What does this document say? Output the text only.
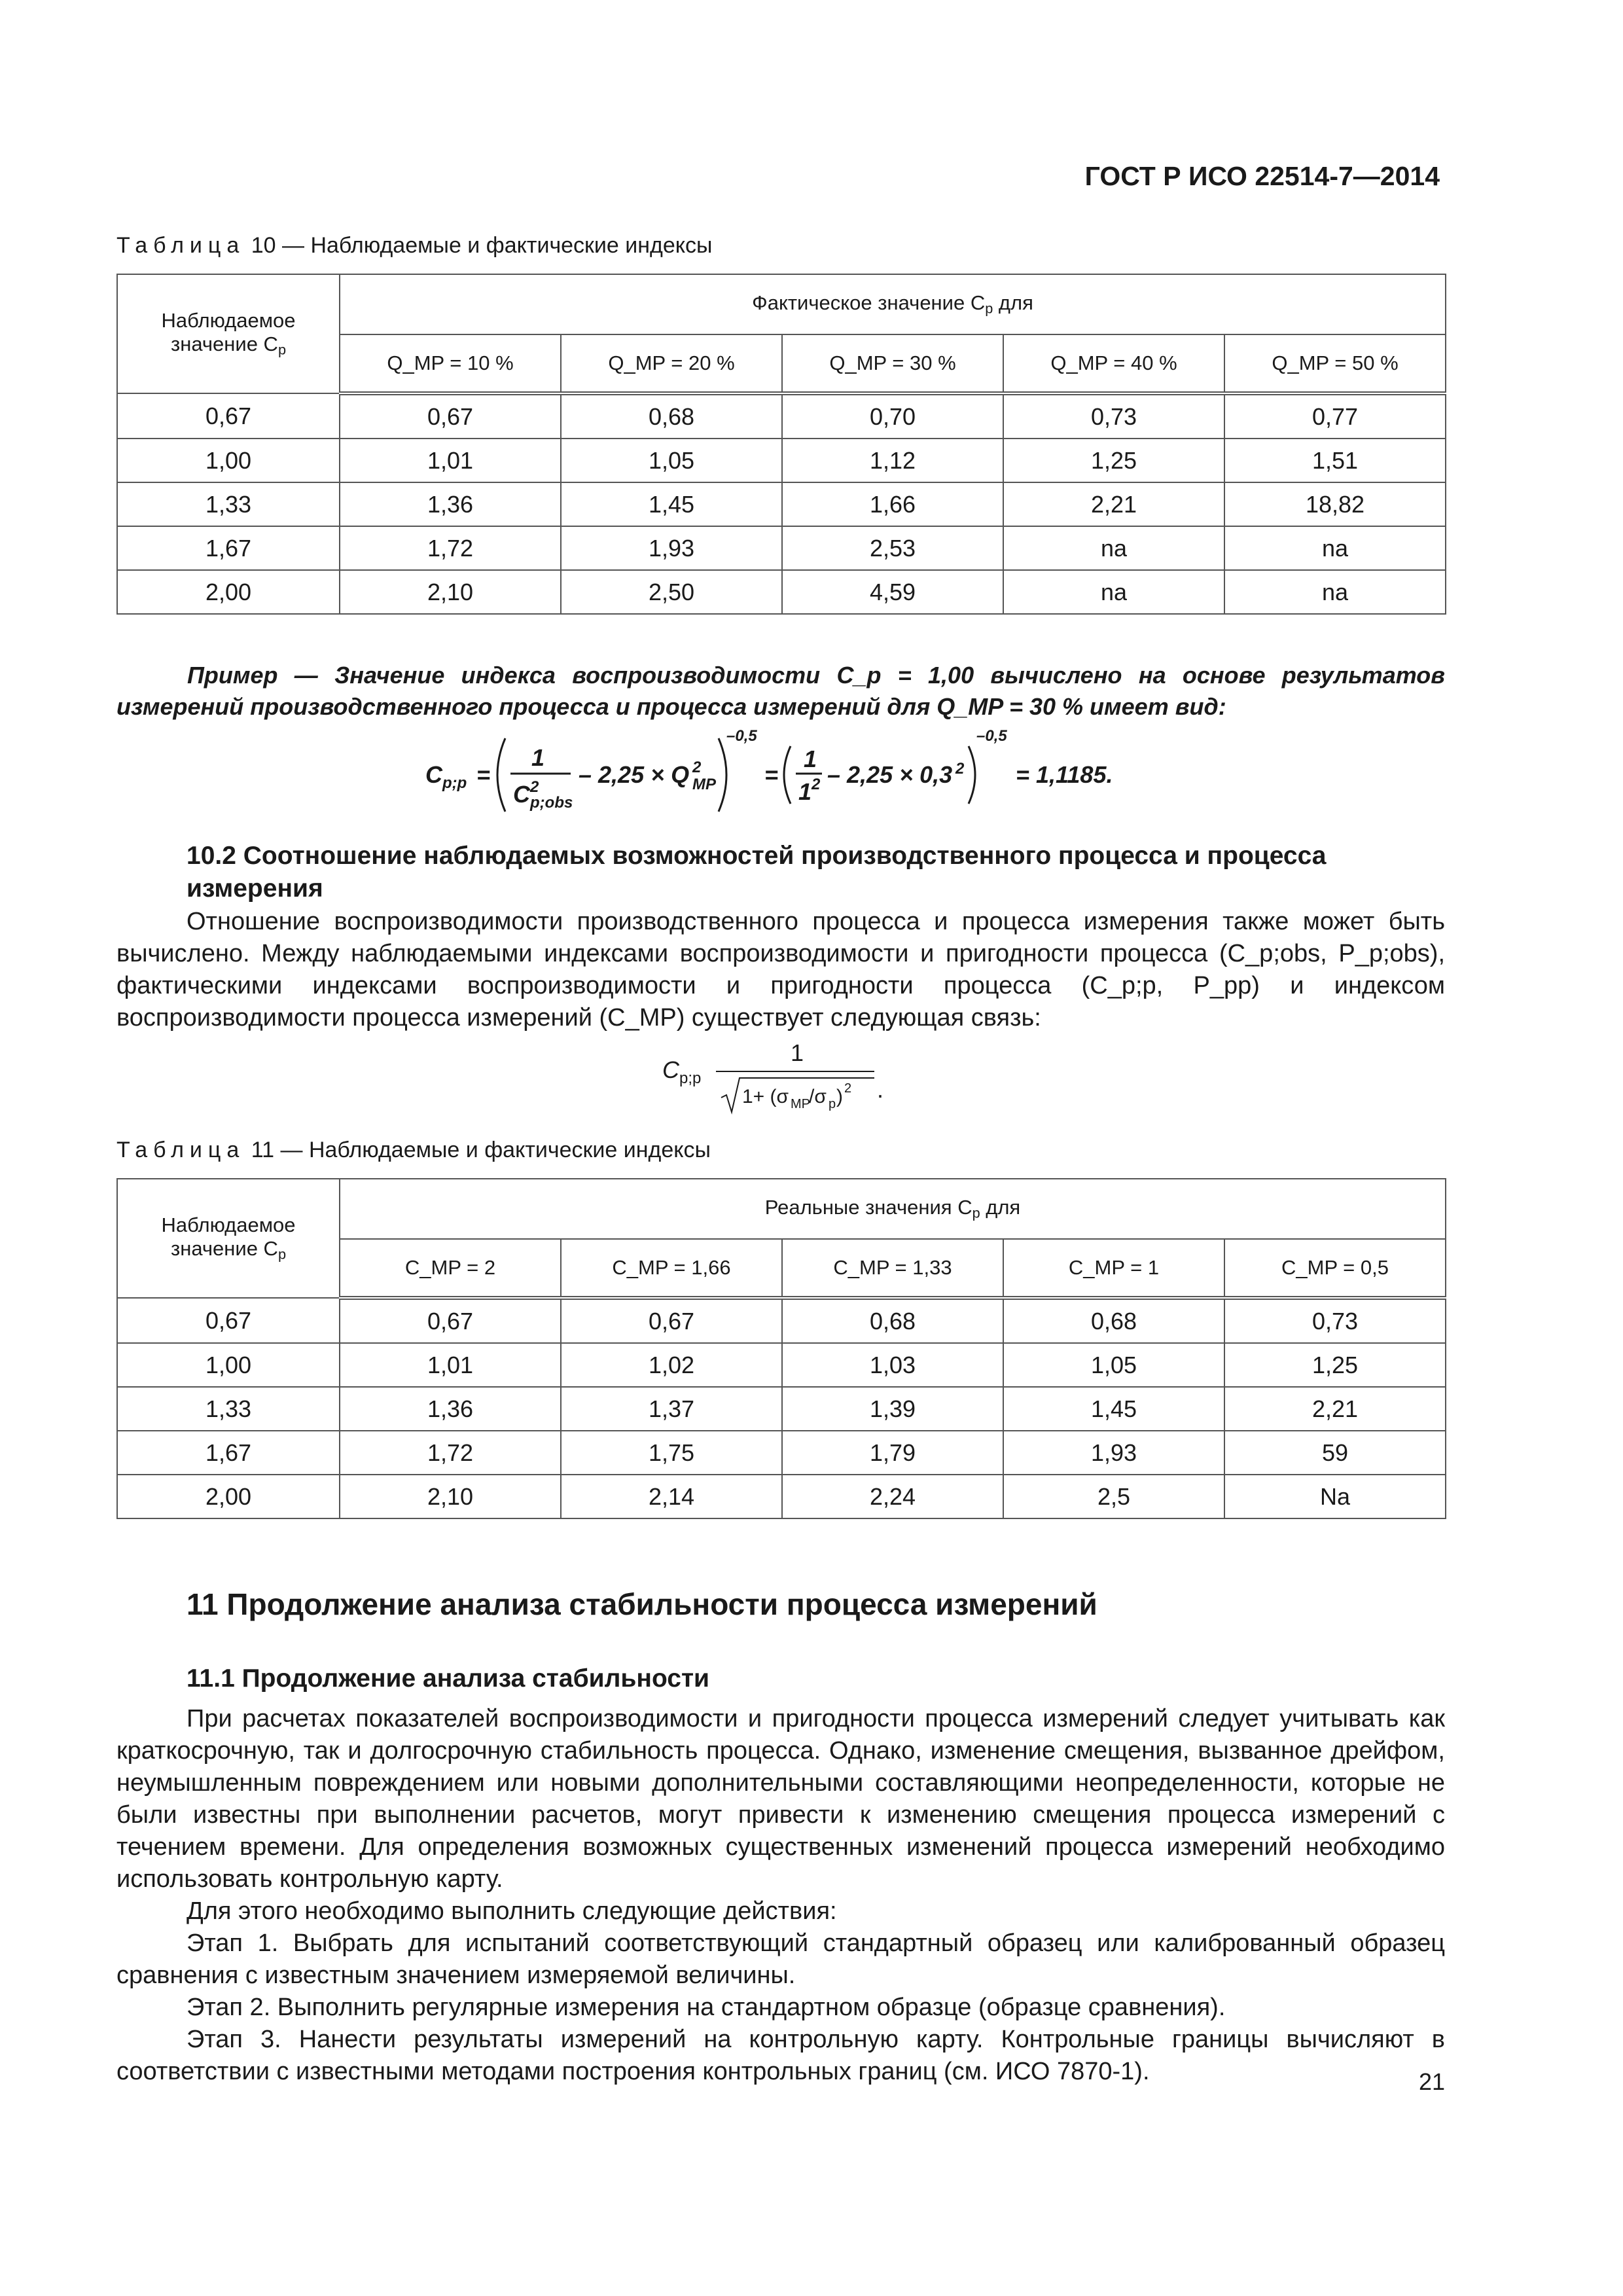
ГОСТ Р ИСО 22514-7—2014
Таблица 10 — Наблюдаемые и фактические индексы
Наблюдаемое значение $C_p$	Фактическое значение $C_p$ для				
	Q_MP = 10 %	Q_MP = 20 %	Q_MP = 30 %	Q_MP = 40 %	Q_MP = 50 %
0,67	0,67	0,68	0,70	0,73	0,77
1,00	1,01	1,05	1,12	1,25	1,51
1,33	1,36	1,45	1,66	2,21	18,82
1,67	1,72	1,93	2,53	na	na
2,00	2,10	2,50	4,59	na	na
Пример — Значение индекса воспроизводимости C_p = 1,00 вычислено на основе результатов
измерений производственного процесса и процесса измерений для Q_MP = 30 % имеет вид:
C p;p =
1
C 2
p;obs
– 2,25 × Q 2
MP
–0,5
=
1
1 2 – 2,25 × 0,3 2
–0,5
= 1,1185.
10.2 Соотношение наблюдаемых возможностей производственного процесса и процесса
измерения

Отношение воспроизводимости производственного процесса и процесса измерения также может быть вычислено. Между наблюдаемыми индексами воспроизводимости и пригодности процесса (C_p;obs, P_p;obs), фактическими индексами воспроизводимости и пригодности процесса (C_p;p, P_pp) и индексом воспроизводимости процесса измерений (C_MP) существует следующая связь:

C p;p
1
1+ (σ MP
/σ p ) 2 .
Таблица 11 — Наблюдаемые и фактические индексы
Наблюдаемое значение $C_p$	Реальные значения $C_p$ для				
	C_MP = 2	C_MP = 1,66	C_MP = 1,33	C_MP = 1	C_MP = 0,5
0,67	0,67	0,67	0,68	0,68	0,73
1,00	1,01	1,02	1,03	1,05	1,25
1,33	1,36	1,37	1,39	1,45	2,21
1,67	1,72	1,75	1,79	1,93	59
2,00	2,10	2,14	2,24	2,5	Na
11 Продолжение анализа стабильности процесса измерений
11.1 Продолжение анализа стабильности

При расчетах показателей воспроизводимости и пригодности процесса измерений следует учитывать как краткосрочную, так и долгосрочную стабильность процесса. Однако, изменение смещения, вызванное дрейфом, неумышленным повреждением или новыми дополнительными составляющими неопределенности, которые не были известны при выполнении расчетов, могут привести к изменению смещения процесса измерений с течением времени. Для определения возможных существенных изменений процесса измерений необходимо использовать контрольную карту.

Для этого необходимо выполнить следующие действия:

Этап 1. Выбрать для испытаний соответствующий стандартный образец или калиброванный образец сравнения с известным значением измеряемой величины.

Этап 2. Выполнить регулярные измерения на стандартном образце (образце сравнения).

Этап 3. Нанести результаты измерений на контрольную карту. Контрольные границы вычисляют в соответствии с известными методами построения контрольных границ (см. ИСО 7870-1).	21
